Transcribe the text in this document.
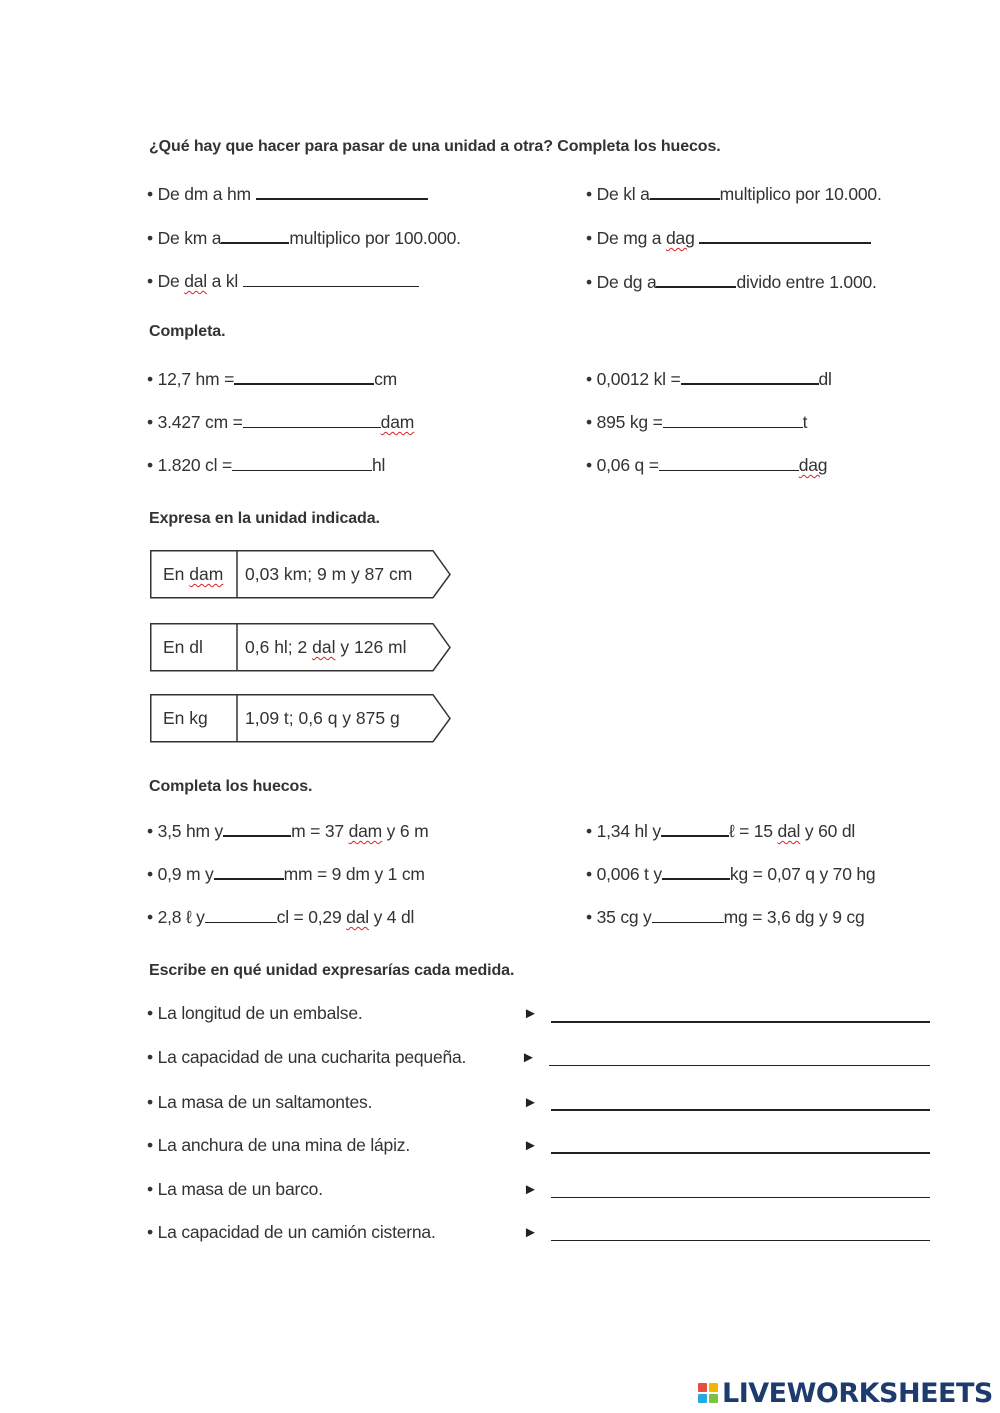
¿Qué hay que hacer para pasar de una unidad a otra? Completa los huecos.
• De dm a hm
• De km a	multiplico por 100.000.
• De dal a kl
• De kl a	multiplico por 10.000.
• De mg a dag
• De dg a	divido entre 1.000.
Completa.
• 12,7 hm =	cm
• 3.427 cm =	dam
• 1.820 cl =	hl
• 0,0012 kl =	dl
• 895 kg =	t
• 0,06 q =	dag
Expresa en la unidad indicada.
En dam 0,03 km; 9 m y 87 cm
En dl 0,6 hl; 2 dal y 126 ml
En kg 1,09 t; 0,6 q y 875 g
Completa los huecos.
• 3,5 hm y	m = 37 dam y 6 m
• 0,9 m y	mm = 9 dm y 1 cm
• 2,8 ℓ y	cl = 0,29 dal y 4 dl
• 1,34 hl y	ℓ = 15 dal y 60 dl
• 0,006 t y	kg = 0,07 q y 70 hg
• 35 cg y	mg = 3,6 dg y 9 cg
Escribe en qué unidad expresarías cada medida.
• La longitud de un embalse.	►
• La capacidad de una cucharita pequeña.	►
• La masa de un saltamontes.	►
• La anchura de una mina de lápiz.	►
• La masa de un barco.	►
• La capacidad de un camión cisterna.	►
LIVEWORKSHEETS
